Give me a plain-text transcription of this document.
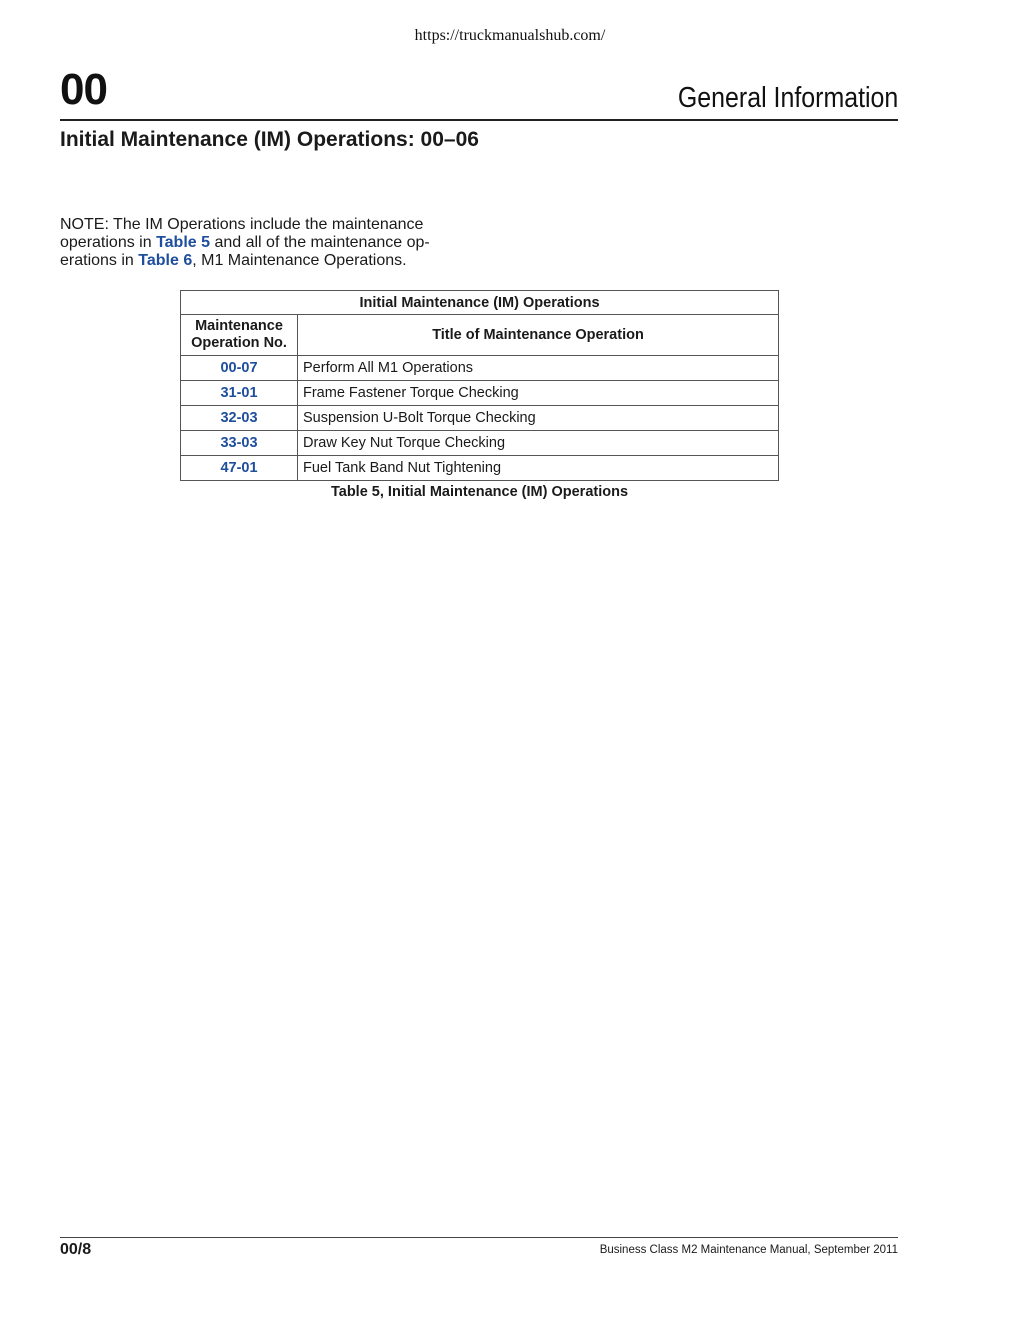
https://truckmanualshub.com/
00	General Information
Initial Maintenance (IM) Operations: 00–06
NOTE: The IM Operations include the maintenance operations in Table 5 and all of the maintenance op-erations in Table 6, M1 Maintenance Operations.
Initial Maintenance (IM) Operations	
Maintenance
Operation No.	Title of Maintenance Operation
00-07	Perform All M1 Operations
31-01	Frame Fastener Torque Checking
32-03	Suspension U-Bolt Torque Checking
33-03	Draw Key Nut Torque Checking
47-01	Fuel Tank Band Nut Tightening
Table 5, Initial Maintenance (IM) Operations
00/8	Business Class M2 Maintenance Manual, September 2011
